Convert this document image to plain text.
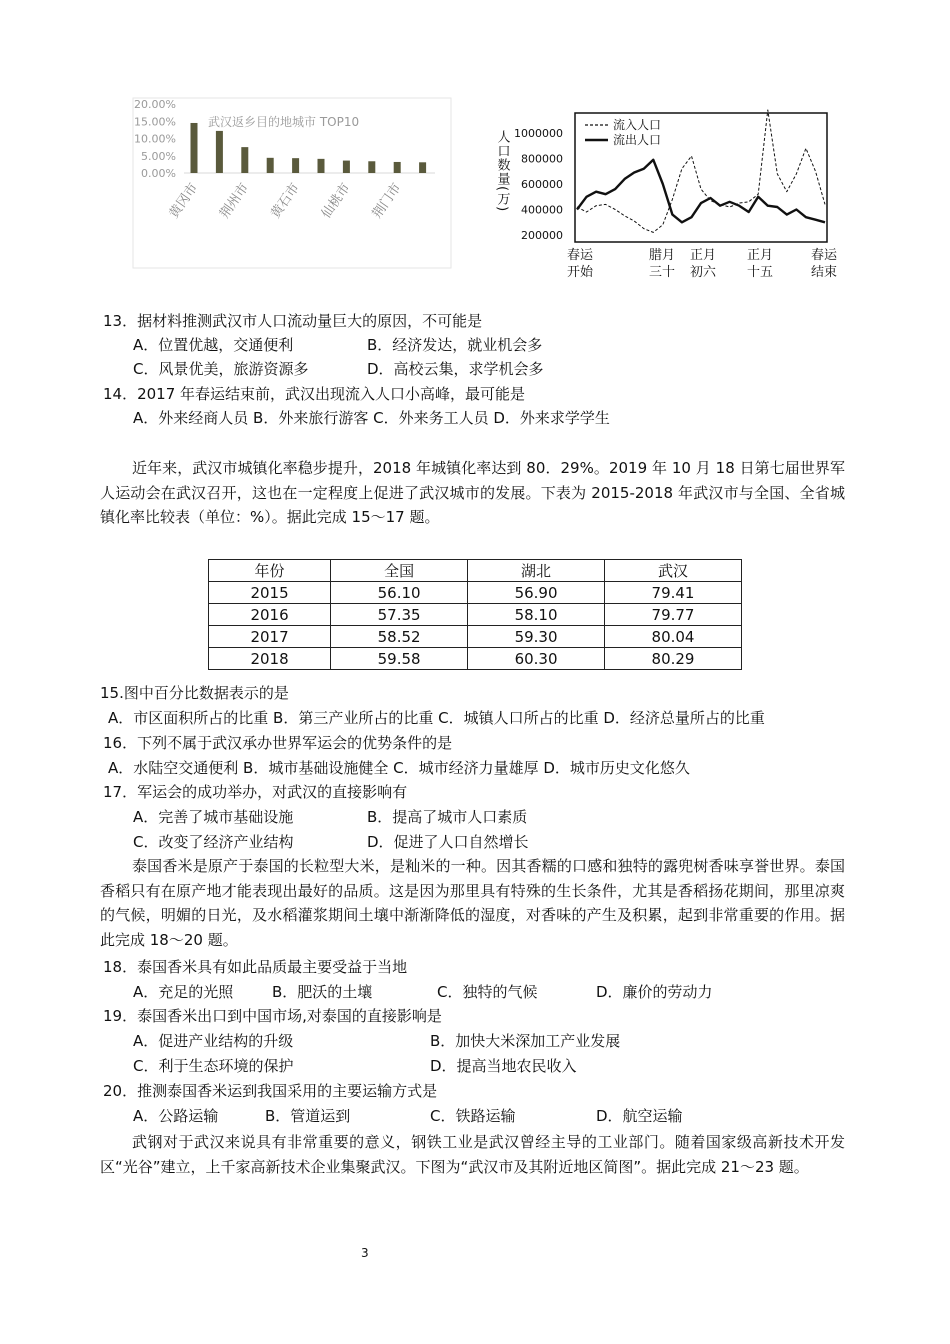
20.00%
15.00%
10.00%
5.00%
0.00%
武汉返乡目的地城市 TOP10
黄冈市 荆州市 黄石市 仙桃市 荆门市	人口数量(万) 1000000
800000
600000
400000
200000
流入人口
流出人口
春运
开始
腊月
三十
正月
初六
正月
十五
春运
结束
13．据材料推测武汉市人口流动量巨大的原因，不可能是
A．位置优越，交通便利	B．经济发达，就业机会多
C．风景优美，旅游资源多	D．高校云集，求学机会多
14．2017 年春运结束前，武汉出现流入人口小高峰，最可能是
A．外来经商人员 B．外来旅行游客 C．外来务工人员 D．外来求学学生

近年来，武汉市城镇化率稳步提升，2018 年城镇化率达到 80．29%。2019 年 10 月 18 日第七届世界军人运动会在武汉召开，这也在一定程度上促进了武汉城市的发展。下表为 2015-2018 年武汉市与全国、全省城镇化率比较表（单位：%）。据此完成 15～17 题。

年份	全国	湖北	武汉
2015	56.10	56.90	79.41
2016	57.35	58.10	79.77
2017	58.52	59.30	80.04
2018	59.58	60.30	80.29
15.图中百分比数据表示的是
A．市区面积所占的比重 B．第三产业所占的比重 C．城镇人口所占的比重 D．经济总量所占的比重
16．下列不属于武汉承办世界军运会的优势条件的是
A．水陆空交通便利 B．城市基础设施健全 C．城市经济力量雄厚 D．城市历史文化悠久
17．军运会的成功举办，对武汉的直接影响有
A．完善了城市基础设施	B．提高了城市人口素质
C．改变了经济产业结构	D．促进了人口自然增长

泰国香米是原产于泰国的长粒型大米，是籼米的一种。因其香糯的口感和独特的露兜树香味享誉世界。泰国香稻只有在原产地才能表现出最好的品质。这是因为那里具有特殊的生长条件，尤其是香稻扬花期间，那里凉爽的气候，明媚的日光，及水稻灌浆期间土壤中渐渐降低的湿度，对香味的产生及积累，起到非常重要的作用。据此完成 18～20 题。

18．泰国香米具有如此品质最主要受益于当地
A．充足的光照	B．肥沃的土壤	C．独特的气候	D．廉价的劳动力
19．泰国香米出口到中国市场,对泰国的直接影响是
A．促进产业结构的升级	B．加快大米深加工产业发展
C．利于生态环境的保护	D．提高当地农民收入
20．推测泰国香米运到我国采用的主要运输方式是
A．公路运输	B．管道运到	C．铁路运输	D．航空运输

武钢对于武汉来说具有非常重要的意义，钢铁工业是武汉曾经主导的工业部门。随着国家级高新技术开发区“光谷”建立，上千家高新技术企业集聚武汉。下图为“武汉市及其附近地区简图”。据此完成 21～23 题。

3
